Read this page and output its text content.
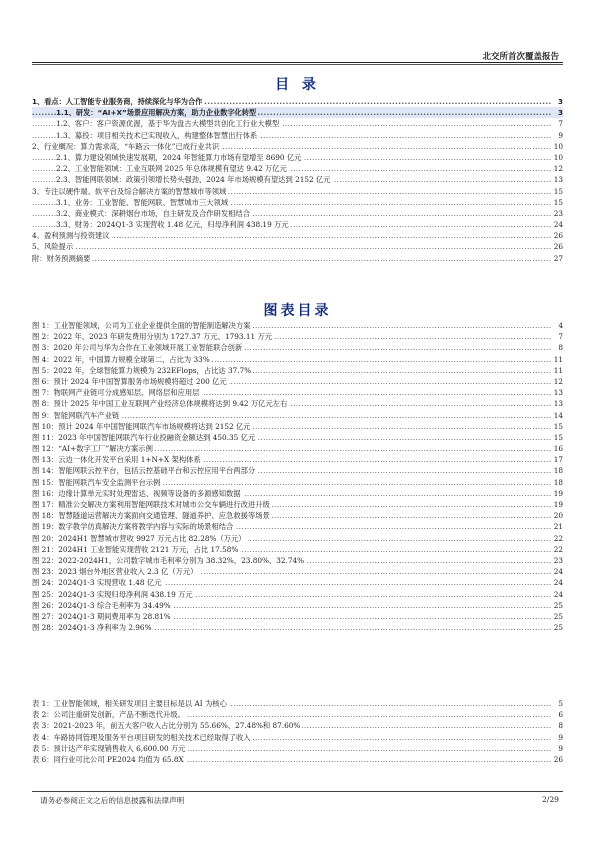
北交所首次覆盖报告
目 录
.....
1、看点：人工智能专业服务商，持续深化与华为合作	3
.....
1.1、研发：“AI+X”场景应用解决方案，助力企业数字化转型	3
.....
1.2、客户：客户资源优渥，基于华为盘古大模型共创化工行业大模型	7
.....
1.3、募投：项目相关技术已实现收入，构建整体智慧出行体系	9
.....
2、行业概况：算力需求高，“车路云一体化”已成行业共识	10
.....
2.1、算力建设领域快速发展期，2024 年智能算力市场有望增至 8690 亿元	10
.....
2.2、工业智能领域：工业互联网 2025 年总体规模有望达 9.42 万亿元	12
.....
2.3、智能网联领域：政策引领增长势头强劲，2024 年市场规模有望达到 2152 亿元	13
.....
3、专注以硬件端、软平台及综合解决方案的智慧城市等领域	15
.....
3.1、业务：工业智能、智能网联、智慧城市三大领域	15
.....
3.2、商业模式：深耕烟台市场，自主研发及合作研发相结合	23
.....
3.3、财务：2024Q1-3 实现营收 1.48 亿元，归母净利润 438.19 万元	24
.....
4、盈利预测与投资建议	26
.....
5、风险提示	26
.....
附：财务预测摘要	27
图表目录
.....
图 1：工业智能领域，公司为工业企业提供全面的智能制造解决方案	4
.....
图 2：2022 年、2023 年研发费用分别为 1727.37 万元、1793.11 万元	7
.....
图 3：2020 年公司与华为合作在工业领域开展工业智能联合创新	8
.....
图 4：2022 年，中国算力规模全球第二，占比为 33%	11
.....
图 5：2022 年，全球智能算力规模为 232EFlops，占比达 37.7%	11
.....
图 6：预计 2024 年中国智算服务市场规模将超过 200 亿元	12
.....
图 7：物联网产业链可分成感知层、网络层和应用层	13
.....
图 8：预计 2025 年中国工业互联网产业经济总体规模将达到 9.42 万亿元左右	13
.....
图 9：智能网联汽车产业链	14
.....
图 10：预计 2024 年中国智能网联汽车市场规模将达到 2152 亿元	15
.....
图 11：2023 年中国智能网联汽车行业投融资金额达到 450.35 亿元	15
.....
图 12：“AI+数字工厂”解决方案示例	16
.....
图 13：云边一体化开发平台采用 1+N+X 架构体系	17
.....
图 14：智能网联云控平台，包括云控基础平台和云控应用平台两部分	18
.....
图 15：智能网联汽车安全监测平台示例	18
.....
图 16：边缘计算单元实时处理雷达、视频等设备的多源感知数据	19
.....
图 17：精准公交解决方案利用智能网联技术对城市公交车辆进行改进升级	19
.....
图 18：智慧隧道运营解决方案面向交通管理、隧道养护、应急救援等场景	20
.....
图 19：数字教学仿真解决方案将教学内容与实际的场景相结合	21
.....
图 20：2024H1 智慧城市营收 9927 万元占比 82.28%（万元）	22
.....
图 21：2024H1 工业智能实现营收 2121 万元，占比 17.58%	22
.....
图 22：2022-2024H1，公司数字城市毛利率分别为 38.32%、23.80%、32.74%	23
.....
图 23：2023 烟台外地区营业收入 2.3 亿（万元）	24
.....
图 24：2024Q1-3 实现营收 1.48 亿元	24
.....
图 25：2024Q1-3 实现归母净利润 438.19 万元	24
.....
图 26：2024Q1-3 综合毛利率为 34.49%	25
.....
图 27：2024Q1-3 期间费用率为 28.81%	25
.....
图 28：2024Q1-3 净利率为 2.96%	25
.....
表 1：工业智能领域，相关研发项目主要目标是以 AI 为核心	5
.....
表 2：公司注重研发创新，产品不断迭代升级。	6
.....
表 3：2021-2023 年，前五大客户收入占比分别为 55.66%、27.48%和 87.60%	8
.....
表 4：车路协同管理及服务平台项目研发的相关技术已经取得了收入	9
.....
表 5：预计达产年实现销售收入 6,600.00 万元	9
.....
表 6：同行业可比公司 PE2024 均值为 65.8X	26
请务必参阅正文之后的信息披露和法律声明	2/29
